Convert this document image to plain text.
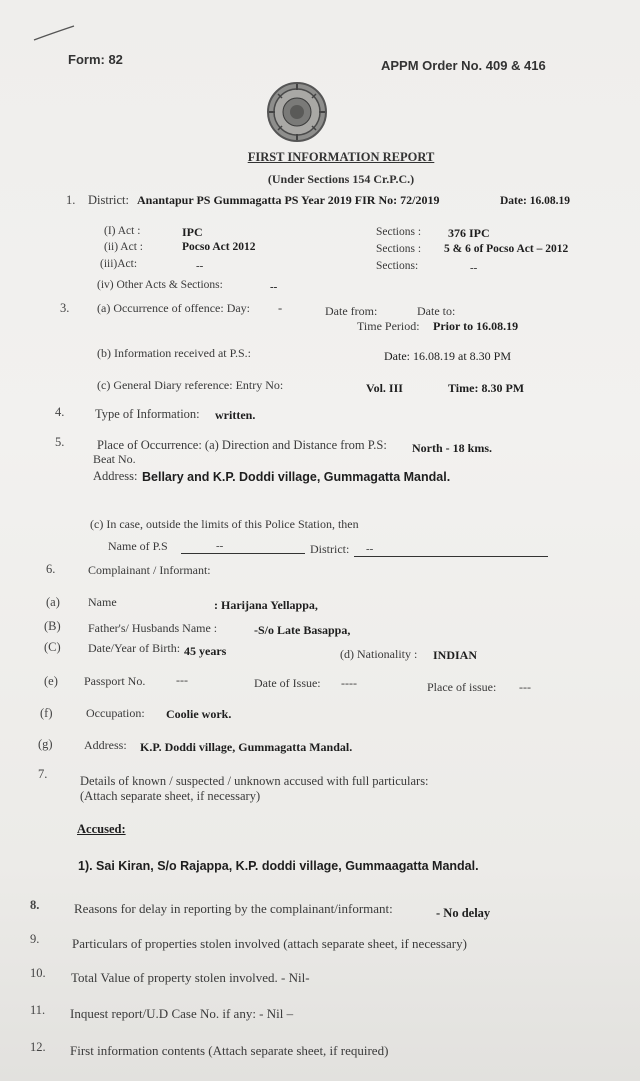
Form: 82	APPM Order No. 409 & 416
FIRST INFORMATION REPORT
(Under Sections 154 Cr.P.C.)
1. District: Anantapur PS Gummagatta PS Year 2019 FIR No: 72/2019	Date: 16.08.19
(I) Act :	IPC	Sections : 376 IPC
(ii) Act :	Pocso Act 2012	Sections : 5 & 6 of Pocso Act – 2012
(iii)Act:	--	Sections:	--
(iv) Other Acts & Sections:	--
3. (a) Occurrence of offence: Day: -	Date from:	Date to:
Time Period: Prior to 16.08.19
(b) Information received at P.S.:	Date: 16.08.19 at 8.30 PM
(c) General Diary reference: Entry No:	Vol. III	Time: 8.30 PM
4. Type of Information: written.
5.	Place of Occurrence: (a) Direction and Distance from P.S: North - 18 kms.
Beat No.
Address: Bellary and K.P. Doddi village, Gummagatta Mandal.
(c) In case, outside the limits of this Police Station, then
Name of P.S	--	District: --
6.	Complainant / Informant:
(a) Name	: Harijana Yellappa,
(B) Father's/ Husbands Name :	-S/o Late Basappa,
(C) Date/Year of Birth: 45 years	(d) Nationality : INDIAN
(e) Passport No.	---	Date of Issue: ----	Place of issue: ---
(f)	Occupation: Coolie work.
(g)	Address: K.P. Doddi village, Gummagatta Mandal.
7.	Details of known / suspected / unknown accused with full particulars:
(Attach separate sheet, if necessary)
Accused:
1). Sai Kiran, S/o Rajappa, K.P. doddi village, Gummaagatta Mandal.
8.	Reasons for delay in reporting by the complainant/informant:	- No delay
9.	Particulars of properties stolen involved (attach separate sheet, if necessary)
10. Total Value of property stolen involved. - Nil-
11. Inquest report/U.D Case No. if any: - Nil –
12. First information contents (Attach separate sheet, if required)
